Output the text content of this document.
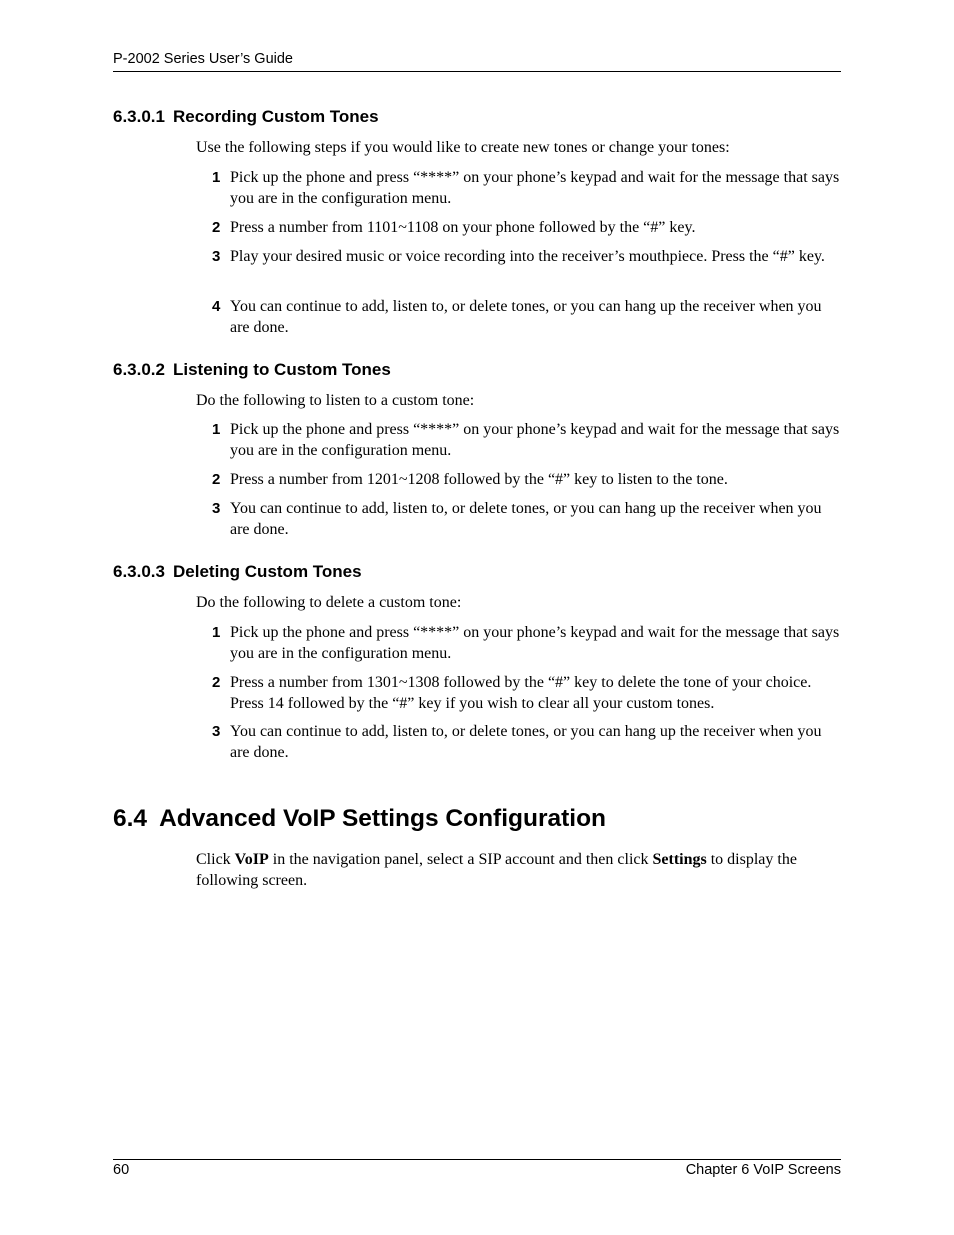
P-2002 Series User’s Guide
6.3.0.1 Recording Custom Tones
Use the following steps if you would like to create new tones or change your tones:
1 Pick up the phone and press “****” on your phone’s keypad and wait for the message that says you are in the configuration menu.
2 Press a number from 1101~1108 on your phone followed by the “#” key.
3 Play your desired music or voice recording into the receiver’s mouthpiece. Press the “#” key.
4 You can continue to add, listen to, or delete tones, or you can hang up the receiver when you are done.
6.3.0.2 Listening to Custom Tones
Do the following to listen to a custom tone:
1 Pick up the phone and press “****” on your phone’s keypad and wait for the message that says you are in the configuration menu.
2 Press a number from 1201~1208 followed by the “#” key to listen to the tone.
3 You can continue to add, listen to, or delete tones, or you can hang up the receiver when you are done.
6.3.0.3 Deleting Custom Tones
Do the following to delete a custom tone:
1 Pick up the phone and press “****” on your phone’s keypad and wait for the message that says you are in the configuration menu.
2 Press a number from 1301~1308 followed by the “#” key to delete the tone of your choice. Press 14 followed by the “#” key if you wish to clear all your custom tones.
3 You can continue to add, listen to, or delete tones, or you can hang up the receiver when you are done.
6.4 Advanced VoIP Settings Configuration
Click VoIP in the navigation panel, select a SIP account and then click Settings to display the following screen.
60	Chapter 6 VoIP Screens
